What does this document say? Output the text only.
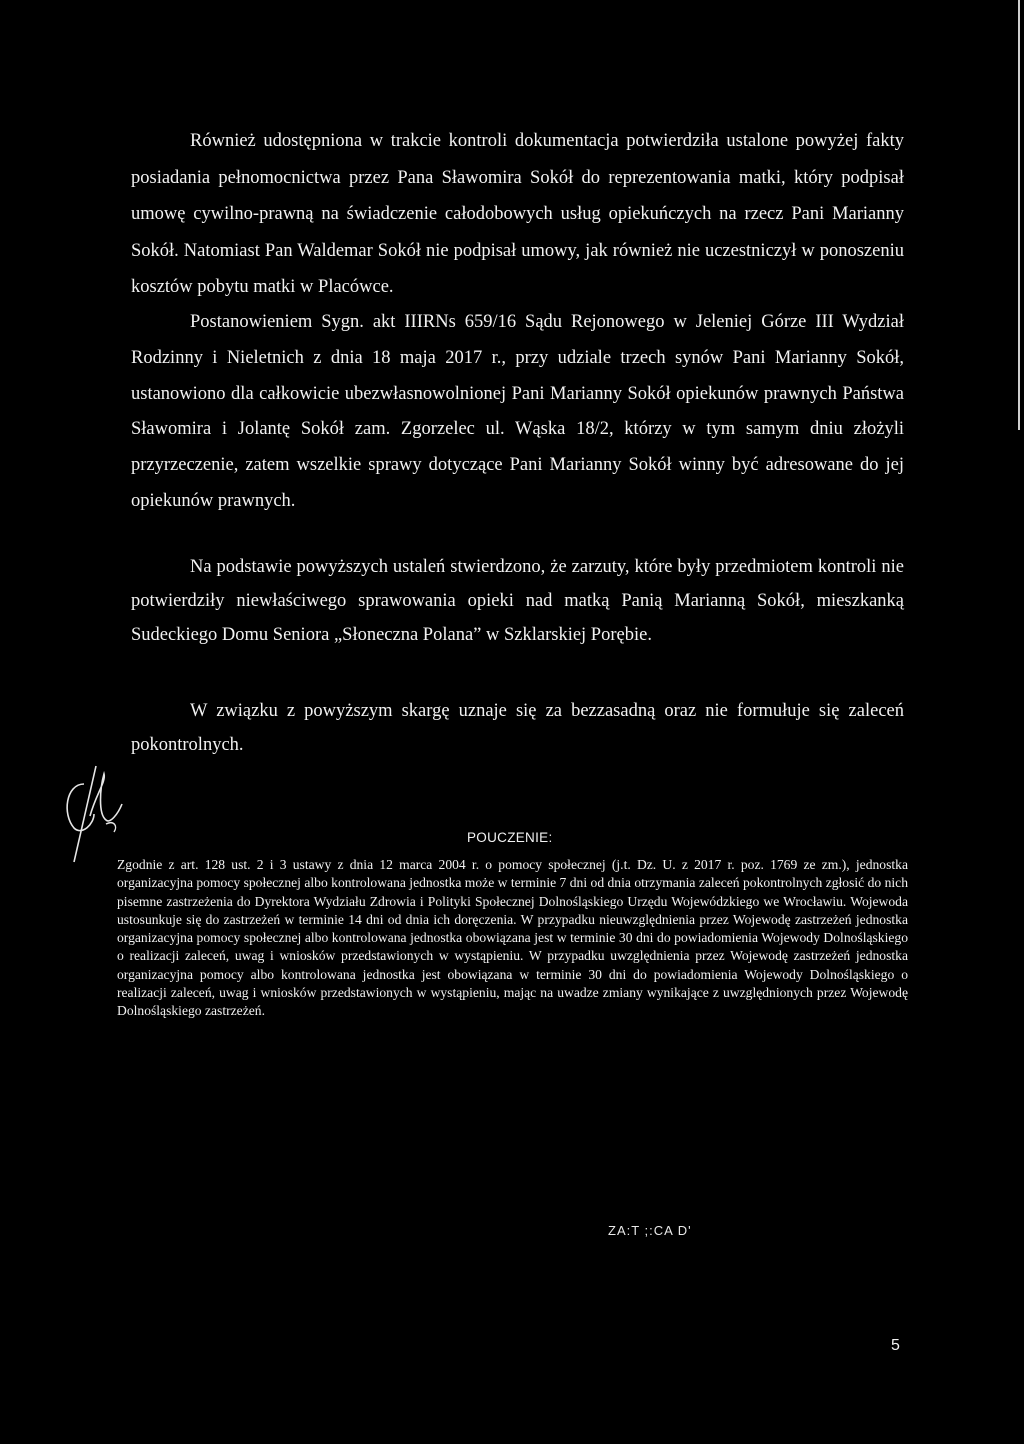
Również udostępniona w trakcie kontroli dokumentacja potwierdziła ustalone powyżej fakty posiadania pełnomocnictwa przez Pana Sławomira Sokół do reprezentowania matki, który podpisał umowę cywilno-prawną na świadczenie całodobowych usług opiekuńczych na rzecz Pani Marianny Sokół. Natomiast Pan Waldemar Sokół nie podpisał umowy, jak również nie uczestniczył w ponoszeniu kosztów pobytu matki w Placówce.

Postanowieniem Sygn. akt IIIRNs 659/16 Sądu Rejonowego w Jeleniej Górze III Wydział Rodzinny i Nieletnich z dnia 18 maja 2017 r., przy udziale trzech synów Pani Marianny Sokół, ustanowiono dla całkowicie ubezwłasnowolnionej Pani Marianny Sokół opiekunów prawnych Państwa Sławomira i Jolantę Sokół zam. Zgorzelec ul. Wąska 18/2, którzy w tym samym dniu złożyli przyrzeczenie, zatem wszelkie sprawy dotyczące Pani Marianny Sokół winny być adresowane do jej opiekunów prawnych.

Na podstawie powyższych ustaleń stwierdzono, że zarzuty, które były przedmiotem kontroli nie potwierdziły niewłaściwego sprawowania opieki nad matką Panią Marianną Sokół, mieszkanką Sudeckiego Domu Seniora „Słoneczna Polana” w Szklarskiej Porębie.

W związku z powyższym skargę uznaje się za bezzasadną oraz nie formułuje się zaleceń pokontrolnych.

POUCZENIE:

Zgodnie z art. 128 ust. 2 i 3 ustawy z dnia 12 marca 2004 r. o pomocy społecznej (j.t. Dz. U. z 2017 r. poz. 1769 ze zm.), jednostka organizacyjna pomocy społecznej albo kontrolowana jednostka może w terminie 7 dni od dnia otrzymania zaleceń pokontrolnych zgłosić do nich pisemne zastrzeżenia do Dyrektora Wydziału Zdrowia i Polityki Społecznej Dolnośląskiego Urzędu Wojewódzkiego we Wrocławiu. Wojewoda ustosunkuje się do zastrzeżeń w terminie 14 dni od dnia ich doręczenia. W przypadku nieuwzględnienia przez Wojewodę zastrzeżeń jednostka organizacyjna pomocy społecznej albo kontrolowana jednostka obowiązana jest w terminie 30 dni do powiadomienia Wojewody Dolnośląskiego o realizacji zaleceń, uwag i wniosków przedstawionych w wystąpieniu. W przypadku uwzględnienia przez Wojewodę zastrzeżeń jednostka organizacyjna pomocy albo kontrolowana jednostka jest obowiązana w terminie 30 dni do powiadomienia Wojewody Dolnośląskiego o realizacji zaleceń, uwag i wniosków przedstawionych w wystąpieniu, mając na uwadze zmiany wynikające z uwzględnionych przez Wojewodę Dolnośląskiego zastrzeżeń.

ZA:T ;:CA D'
5
